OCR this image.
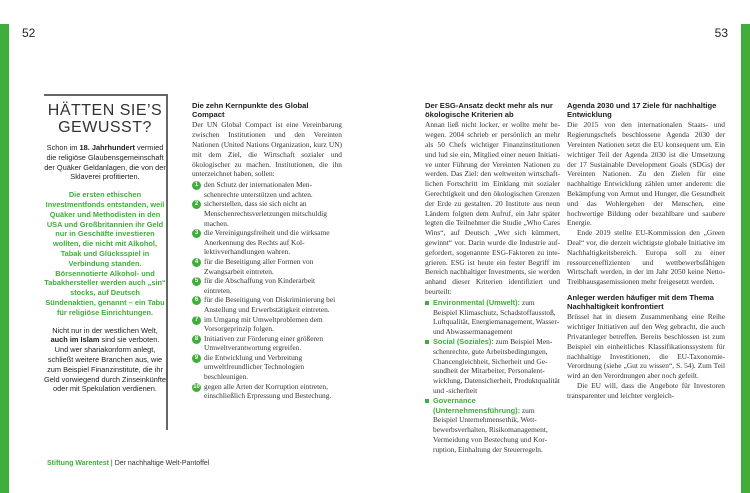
52
HÄTTEN SIE’S
GEWUSST?

Schon im 18. Jahrhundert vermied die religiöse Glaubensgemeinschaft der Quäker Geldanlagen, die von der Sklaverei profitierten.

Die ersten ethischen Investmentfonds entstanden, weil Quäker und Methodisten in den USA und Großbritannien ihr Geld nur in Geschäfte investieren wollten, die nicht mit Alkohol, Tabak und Glücksspiel in Verbindung standen. Börsennotierte Alkohol- und Tabakhersteller werden auch „sin“ stocks, auf Deutsch Sündenaktien, genannt – ein Tabu für religiöse Einrichtungen.

Nicht nur in der westlichen Welt, auch im Islam sind sie verboten. Und wer shariakonform anlegt, schließt weitere Branchen aus, wie zum Beispiel Finanzinstitute, die ihr Geld vorwiegend durch Zinseinkünfte oder mit Spekulation verdienen.

Die zehn Kernpunkte des Global Compact

Der UN Global Compact ist eine Vereinbarung zwischen Institutionen und den Vereinten Nationen (United Nations Organization, kurz UN) mit dem Ziel, die Wirtschaft sozialer und ökologischer zu machen. Institutionen, die ihn unterzeichnet haben, sollen:

1 den Schutz der internationalen Menschenrechte unterstützen und achten.
2 sicherstellen, dass sie sich nicht an Menschenrechtsverletzungen mitschuldig machen.
3 die Vereinigungsfreiheit und die wirksame Anerkennung des Rechts auf Kollektivverhandlungen wahren.
4 für die Beseitigung aller Formen von Zwangsarbeit eintreten.
5 für die Abschaffung von Kinderarbeit eintreten.
6 für die Beseitigung von Diskriminierung bei Anstellung und Erwerbstätigkeit eintreten.
7 im Umgang mit Umweltproblemen dem Vorsorgeprinzip folgen.
8 Initiativen zur Förderung einer größeren Umweltverantwortung ergreifen.
9 die Entwicklung und Verbreitung umweltfreundlicher Technologien beschleunigen.
10 gegen alle Arten der Korruption eintreten, einschließlich Erpressung und Bestechung.
Stiftung Warentest | Der nachhaltige Welt-Pantoffel
53
Der ESG-Ansatz deckt mehr als nur ökologische Kriterien ab

Annan ließ nicht locker, er wollte mehr bewegen. 2004 schrieb er persönlich an mehr als 50 Chefs wichtiger Finanzinstitutionen und lud sie ein, Mitglied einer neuen Initiative unter Führung der Vereinten Nationen zu werden. Das Ziel: den weltweiten wirtschaftlichen Fortschritt im Einklang mit sozialer Gerechtigkeit und den ökologischen Grenzen der Erde zu gestalten. 20 Institute aus neun Ländern folgten dem Aufruf, ein Jahr später legten die Teilnehmer die Studie „Who Cares Wins“, auf Deutsch „Wer sich kümmert, gewinnt“ vor. Darin wurde die Industrie aufgefordert, sogenannte ESG-Faktoren zu integrieren. ESG ist heute ein fester Begriff im Bereich nachhaltiger Investments, sie werden anhand dieser Kriterien identifiziert und beurteilt:

Environmental (Umwelt): zum Beispiel Klimaschutz, Schadstoffausstoß, Luftqualität, Energiemanagement, Wasser- und Abwassermanagement
Social (Soziales): zum Beispiel Menschenrechte, gute Arbeitsbedingungen, Chancengleichheit, Sicherheit und Gesundheit der Mitarbeiter, Personalentwicklung, Datensicherheit, Produktqualität und -sicherheit
Governance (Unternehmensführung): zum Beispiel Unternehmensethik, Wettbewerbsverhalten, Risikomanagement, Vermeidung von Bestechung und Korruption, Einhaltung der Steuerregeln.
Agenda 2030 und 17 Ziele für nachhaltige Entwicklung

Die 2015 von den internationalen Staats- und Regierungschefs beschlossene Agenda 2030 der Vereinten Nationen setzt die EU konsequent um. Ein wichtiger Teil der Agenda 2030 ist die Umsetzung der 17 Sustainable Development Goals (SDGs) der Vereinten Nationen. Zu den Zielen für eine nachhaltige Entwicklung zählen unter anderem: die Bekämpfung von Armut und Hunger, die Gesundheit und das Wohlergehen der Menschen, eine hochwertige Bildung oder bezahlbare und saubere Energie.

Ende 2019 stellte EU-Kommission den „Green Deal“ vor, die derzeit wichtigste globale Initiative im Nachhaltigkeitsbereich. Europa soll zu einer ressourceneffizienten und wettbewerbsfähigen Wirtschaft werden, in der im Jahr 2050 keine Netto-Treibhausgasemissionen mehr freigesetzt werden.

Anleger werden häufiger mit dem Thema Nachhaltigkeit konfrontiert

Brüssel hat in diesem Zusammenhang eine Reihe wichtiger Initiativen auf den Weg gebracht, die auch Privatanleger betreffen. Bereits beschlossen ist zum Beispiel ein einheitliches Klassifikationssystem für nachhaltige Investitionen, die EU-Taxonomie-Verordnung (siehe „Gut zu wissen“, S. 54). Zum Teil wird an den Verordnungen aber noch gefeilt.

Die EU will, dass die Angebote für Investoren transparenter und leichter vergleich-
